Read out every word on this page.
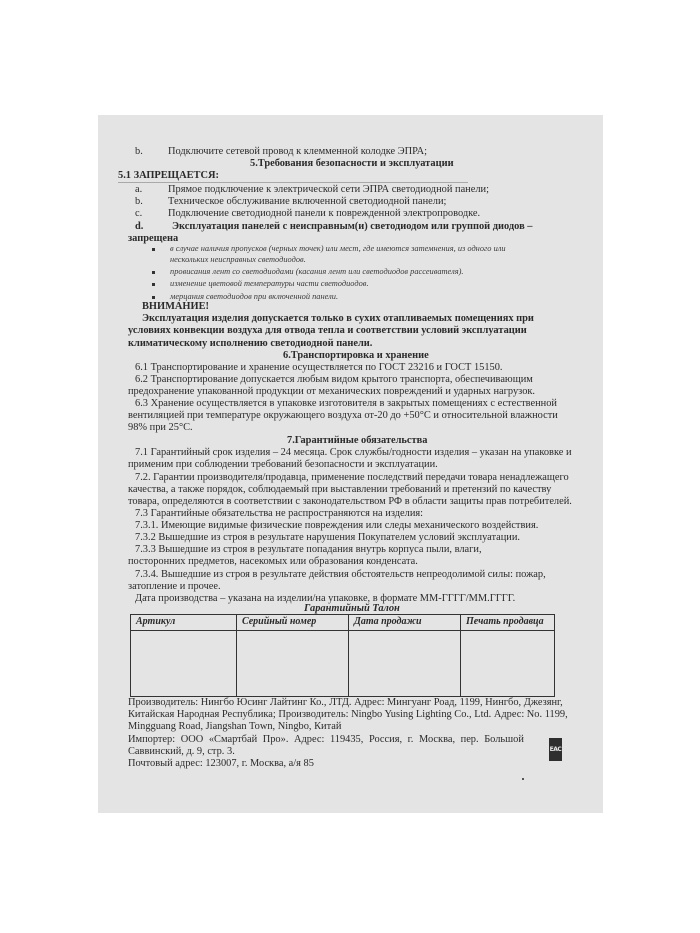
b. Подключите сетевой провод к клемменной колодке ЭПРА;
5.Требования безопасности и эксплуатации
5.1 ЗАПРЕЩАЕТСЯ:
a. Прямое подключение к электрической сети ЭПРА светодиодной панели;
b. Техническое обслуживание включенной светодиодной панели;
c. Подключение светодиодной панели к поврежденной электропроводке.
d.	Эксплуатация панелей с неисправным(и) светодиодом или группой диодов –
запрещена
в случае наличия пропусков (черных точек) или мест, где имеются затемнения, из одного или
нескольких неисправных светодиодов.
провисания лент со светодиодами (касания лент или светодиодов рассеивателя).
изменение цветовой температуры части светодиодов.
мерцания светодиодов при включенной панели.
ВНИМАНИЕ!
Эксплуатация изделия допускается только в сухих отапливаемых помещениях при
условиях конвекции воздуха для отвода тепла и соответствии условий эксплуатации
климатическому исполнению светодиодной панели.
6.Транспортировка и хранение
6.1 Транспортирование и хранение осуществляется по ГОСТ 23216 и ГОСТ 15150.
6.2 Транспортирование допускается любым видом крытого транспорта, обеспечивающим
предохранение упакованной продукции от механических повреждений и ударных нагрузок.
6.3 Хранение осуществляется в упаковке изготовителя в закрытых помещениях с естественной
вентиляцией при температуре окружающего воздуха от-20 до +50°С и относительной влажности
98% при 25°С.
7.Гарантийные обязательства
7.1 Гарантийный срок изделия – 24 месяца. Срок службы/годности изделия – указан на упаковке и
применим при соблюдении требований безопасности и эксплуатации.
7.2. Гарантии производителя/продавца, применение последствий передачи товара ненадлежащего
качества, а также порядок, соблюдаемый при выставлении требований и претензий по качеству
товара, определяются в соответствии с законодательством РФ в области защиты прав потребителей.
7.3 Гарантийные обязательства не распространяются на изделия:
7.3.1. Имеющие видимые физические повреждения или следы механического воздействия.
7.3.2 Вышедшие из строя в результате нарушения Покупателем условий эксплуатации.
7.3.3 Вышедшие из строя в результате попадания внутрь корпуса пыли, влаги,
посторонних предметов, насекомых или образования конденсата.
7.3.4. Вышедшие из строя в результате действия обстоятельств непреодолимой силы: пожар,
затопление и прочее.
Дата производства – указана на изделии/на упаковке, в формате ММ-ГГГГ/ММ.ГГГГ.
Гарантийный Талон
Артикул	Серийный номер	Дата продажи	Печать продавца
Производитель: Нингбо Юсинг Лайтинг Ко., ЛТД. Адрес: Мингуанг Роад, 1199, Нингбо, Джезянг,
Китайская Народная Республика; Производитель: Ningbo Yusing Lighting Co., Ltd. Адрес: No. 1199,
Mingguang Road, Jiangshan Town, Ningbo, Китай
Импортер: ООО «Смартбай Про». Адрес: 119435, Россия, г. Москва, пер. Большой
Саввинский, д. 9, стр. 3.
Почтовый адрес: 123007, г. Москва, а/я 85
EAC
